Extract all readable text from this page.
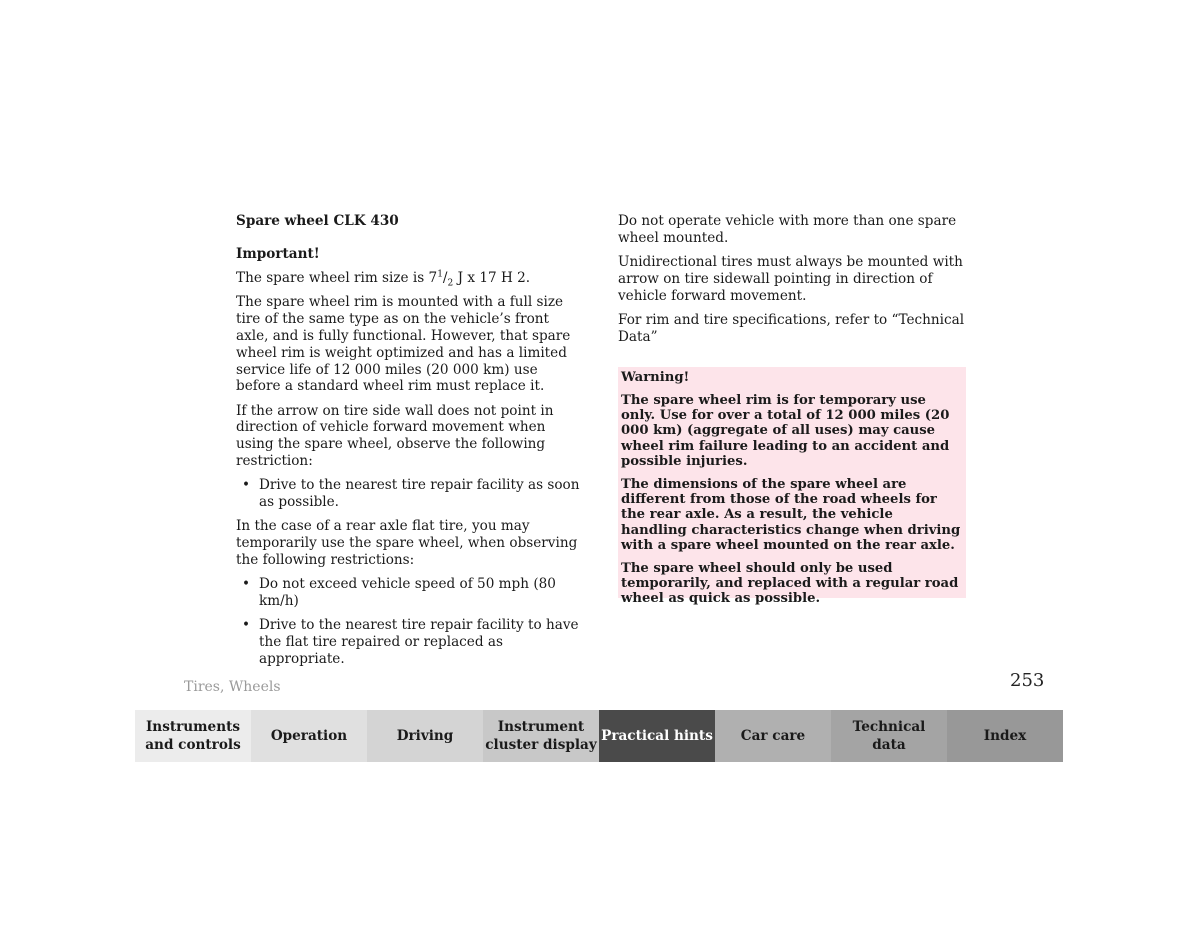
Spare wheel CLK 430

Important!

The spare wheel rim size is $7^1/_2$ J x 17 H 2.

The spare wheel rim is mounted with a full size tire of the same type as on the vehicle’s front axle, and is fully functional. However, that spare wheel rim is weight optimized and has a limited service life of 12 000 miles (20 000 km) use before a standard wheel rim must replace it.

If the arrow on tire side wall does not point in direction of vehicle forward movement when using the spare wheel, observe the following restriction:

• Drive to the nearest tire repair facility as soon as possible.

In the case of a rear axle flat tire, you may temporarily use the spare wheel, when observing the following restrictions:

• Do not exceed vehicle speed of 50 mph (80 km/h)
• Drive to the nearest tire repair facility to have the flat tire repaired or replaced as appropriate.

Do not operate vehicle with more than one spare wheel mounted.

Unidirectional tires must always be mounted with arrow on tire sidewall pointing in direction of vehicle forward movement.

For rim and tire specifications, refer to “Technical Data”

Warning!

The spare wheel rim is for temporary use only. Use for over a total of 12 000 miles (20 000 km) (aggregate of all uses) may cause wheel rim failure leading to an accident and possible injuries.

The dimensions of the spare wheel are different from those of the road wheels for the rear axle. As a result, the vehicle handling characteristics change when driving with a spare wheel mounted on the rear axle.

The spare wheel should only be used temporarily, and replaced with a regular road wheel as quick as possible.

Tires, Wheels	253
Instruments
and controls
Operation	Driving
Instrument
cluster display
Practical hints Car care
Technical
data
Index
